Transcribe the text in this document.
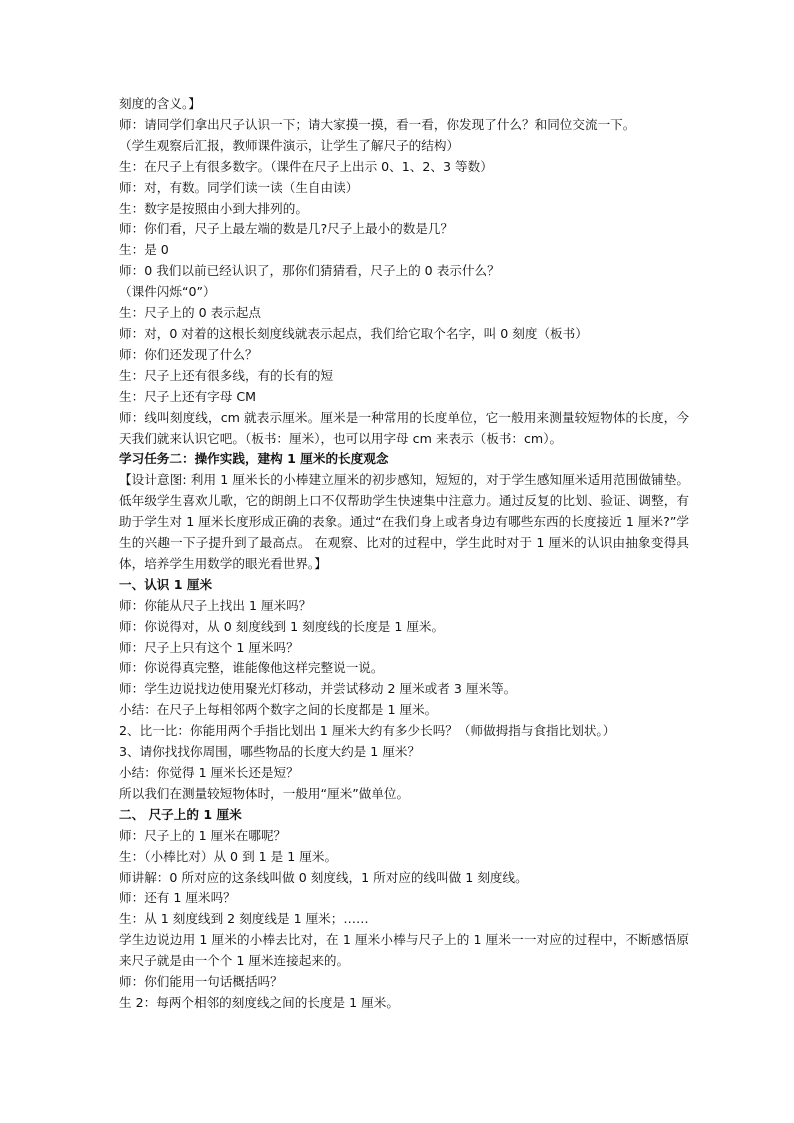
刻度的含义。】

师：请同学们拿出尺子认识一下；请大家摸一摸，看一看，你发现了什么？和同位交流一下。

（学生观察后汇报，教师课件演示，让学生了解尺子的结构）

生：在尺子上有很多数字。（课件在尺子上出示 0、1、2、3 等数）

师：对，有数。同学们读一读（生自由读）

生：数字是按照由小到大排列的。

师：你们看，尺子上最左端的数是几?尺子上最小的数是几？

生：是 0

师：0 我们以前已经认识了，那你们猜猜看，尺子上的 0 表示什么？

（课件闪烁“0”）

生：尺子上的 0 表示起点

师：对，0 对着的这根长刻度线就表示起点，我们给它取个名字，叫 0 刻度（板书）

师：你们还发现了什么？

生：尺子上还有很多线，有的长有的短

生：尺子上还有字母 CM

师：线叫刻度线，cm 就表示厘米。厘米是一种常用的长度单位，它一般用来测量较短物体的长度，今天我们就来认识它吧。（板书：厘米），也可以用字母 cm 来表示（板书：cm）。

学习任务二：操作实践，建构 1 厘米的长度观念

【设计意图: 利用 1 厘米长的小棒建立厘米的初步感知，短短的，对于学生感知厘米适用范围做铺垫。低年级学生喜欢儿歌，它的朗朗上口不仅帮助学生快速集中注意力。通过反复的比划、验证、调整，有助于学生对 1 厘米长度形成正确的表象。通过“在我们身上或者身边有哪些东西的长度接近 1 厘米?”学生的兴趣一下子提升到了最高点。 在观察、比对的过程中，学生此时对于 1 厘米的认识由抽象变得具体，培养学生用数学的眼光看世界。】

一、认识 1 厘米

师：你能从尺子上找出 1 厘米吗？

师：你说得对，从 0 刻度线到 1 刻度线的长度是 1 厘米。

师：尺子上只有这个 1 厘米吗？

师：你说得真完整，谁能像他这样完整说一说。

师：学生边说找边使用聚光灯移动，并尝试移动 2 厘米或者 3 厘米等。

小结：在尺子上每相邻两个数字之间的长度都是 1 厘米。

2、比一比：你能用两个手指比划出 1 厘米大约有多少长吗？（师做拇指与食指比划状。）

3、请你找找你周围，哪些物品的长度大约是 1 厘米？

小结：你觉得 1 厘米长还是短？

所以我们在测量较短物体时，一般用“厘米”做单位。

二、 尺子上的 1 厘米

师：尺子上的 1 厘米在哪呢？

生：（小棒比对）从 0 到 1 是 1 厘米。

师讲解：0 所对应的这条线叫做 0 刻度线，1 所对应的线叫做 1 刻度线。

师：还有 1 厘米吗？

生：从 1 刻度线到 2 刻度线是 1 厘米；……

学生边说边用 1 厘米的小棒去比对，在 1 厘米小棒与尺子上的 1 厘米一一对应的过程中，不断感悟原来尺子就是由一个个 1 厘米连接起来的。

师：你们能用一句话概括吗？

生 2：每两个相邻的刻度线之间的长度是 1 厘米。
